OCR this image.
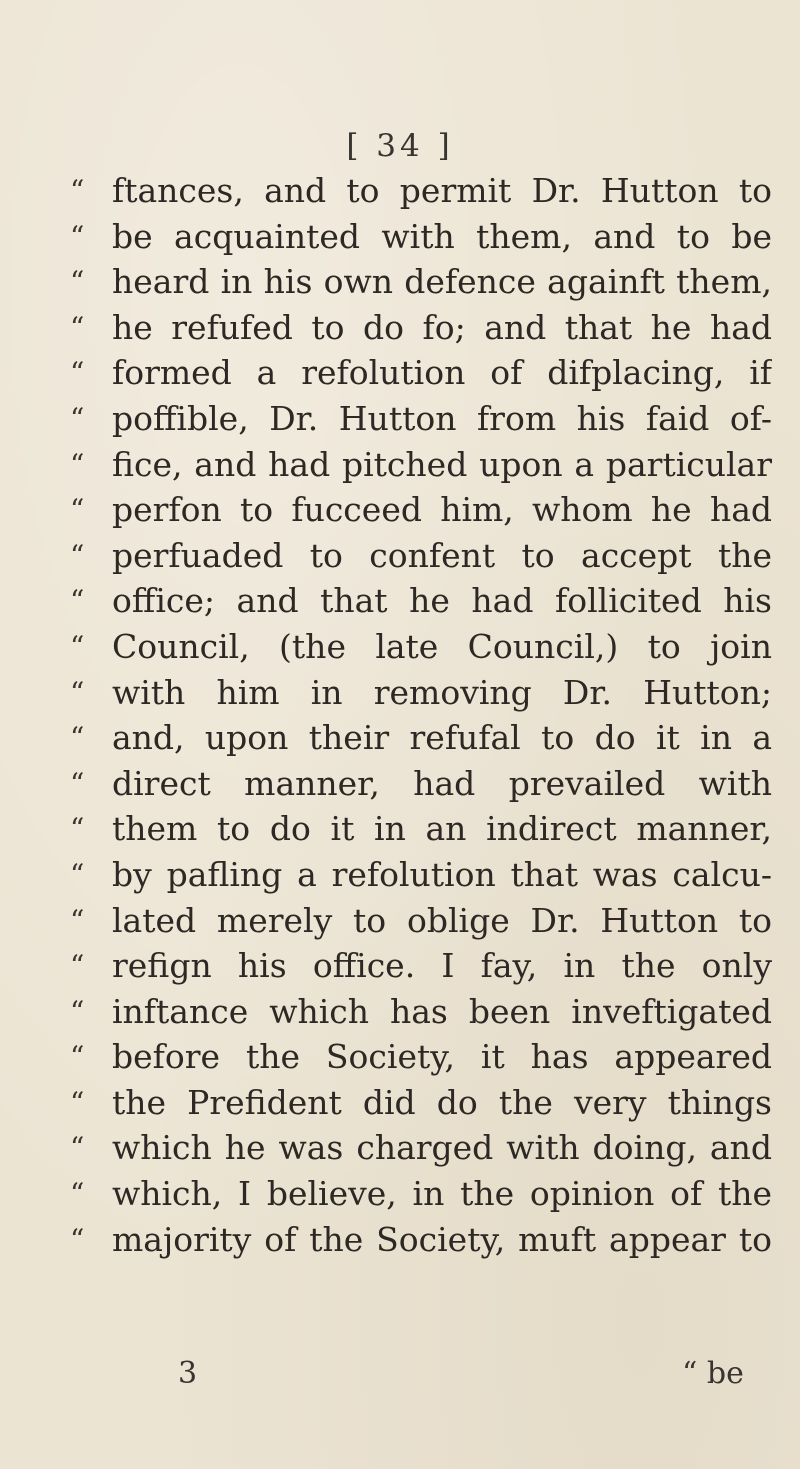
[ 34 ]
“ ftances, and to permit Dr. Hutton to
“ be acquainted with them, and to be
“ heard in his own defence againft them,
“ he refufed to do fo; and that he had
“ formed a refolution of difplacing, if
“ poffible, Dr. Hutton from his faid of-
“ fice, and had pitched upon a particular
“ perfon to fucceed him, whom he had
“ perfuaded to confent to accept the
“ office; and that he had follicited his
“ Council, (the late Council,) to join
“ with him in removing Dr. Hutton;
“ and, upon their refufal to do it in a
“ direct manner, had prevailed with
“ them to do it in an indirect manner,
“ by pafling a refolution that was calcu-
“ lated merely to oblige Dr. Hutton to
“ refign his office. I fay, in the only
“ inftance which has been inveftigated
“ before the Society, it has appeared
“ the Prefident did do the very things
“ which he was charged with doing, and
“ which, I believe, in the opinion of the
“ majority of the Society, muft appear to
3	“ be
